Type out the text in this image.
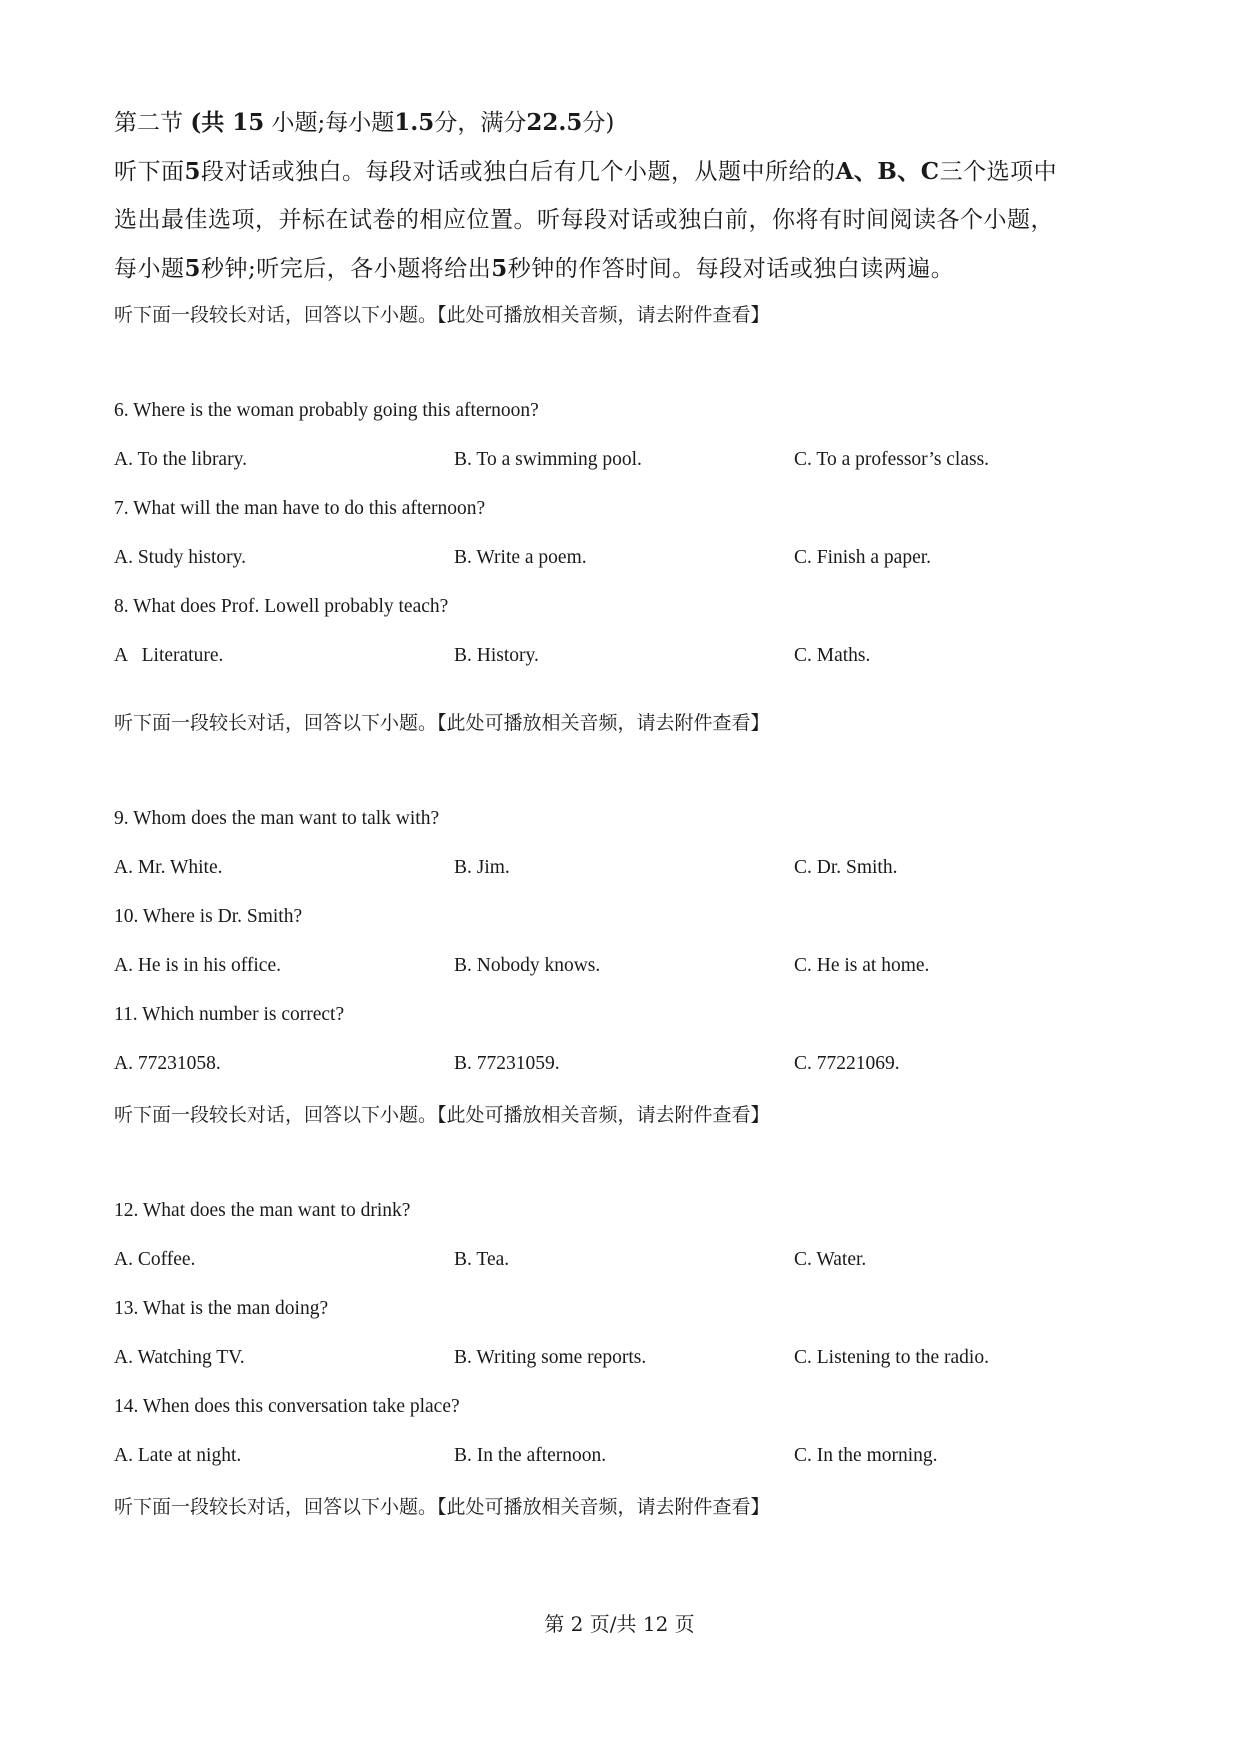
第二节 (共 15 小题;每小题1.5分，满分22.5分)
听下面5段对话或独白。每段对话或独白后有几个小题，从题中所给的A、B、C三个选项中
选出最佳选项，并标在试卷的相应位置。听每段对话或独白前，你将有时间阅读各个小题，
每小题5秒钟;听完后，各小题将给出5秒钟的作答时间。每段对话或独白读两遍。
听下面一段较长对话，回答以下小题。【此处可播放相关音频，请去附件查看】
6. Where is the woman probably going this afternoon?
A. To the library.	B. To a swimming pool.	C. To a professor’s class.
7. What will the man have to do this afternoon?
A. Study history.	B. Write a poem.	C. Finish a paper.
8. What does Prof. Lowell probably teach?
A   Literature.	B. History.	C. Maths.
听下面一段较长对话，回答以下小题。【此处可播放相关音频，请去附件查看】
9. Whom does the man want to talk with?
A. Mr. White.	B. Jim.	C. Dr. Smith.
10. Where is Dr. Smith?
A. He is in his office.	B. Nobody knows.	C. He is at home.
11. Which number is correct?
A. 77231058.	B. 77231059.	C. 77221069.
听下面一段较长对话，回答以下小题。【此处可播放相关音频，请去附件查看】
12. What does the man want to drink?
A. Coffee.	B. Tea.	C. Water.
13. What is the man doing?
A. Watching TV.	B. Writing some reports.	C. Listening to the radio.
14. When does this conversation take place?
A. Late at night.	B. In the afternoon.	C. In the morning.
听下面一段较长对话，回答以下小题。【此处可播放相关音频，请去附件查看】
第 2 页/共 12 页
